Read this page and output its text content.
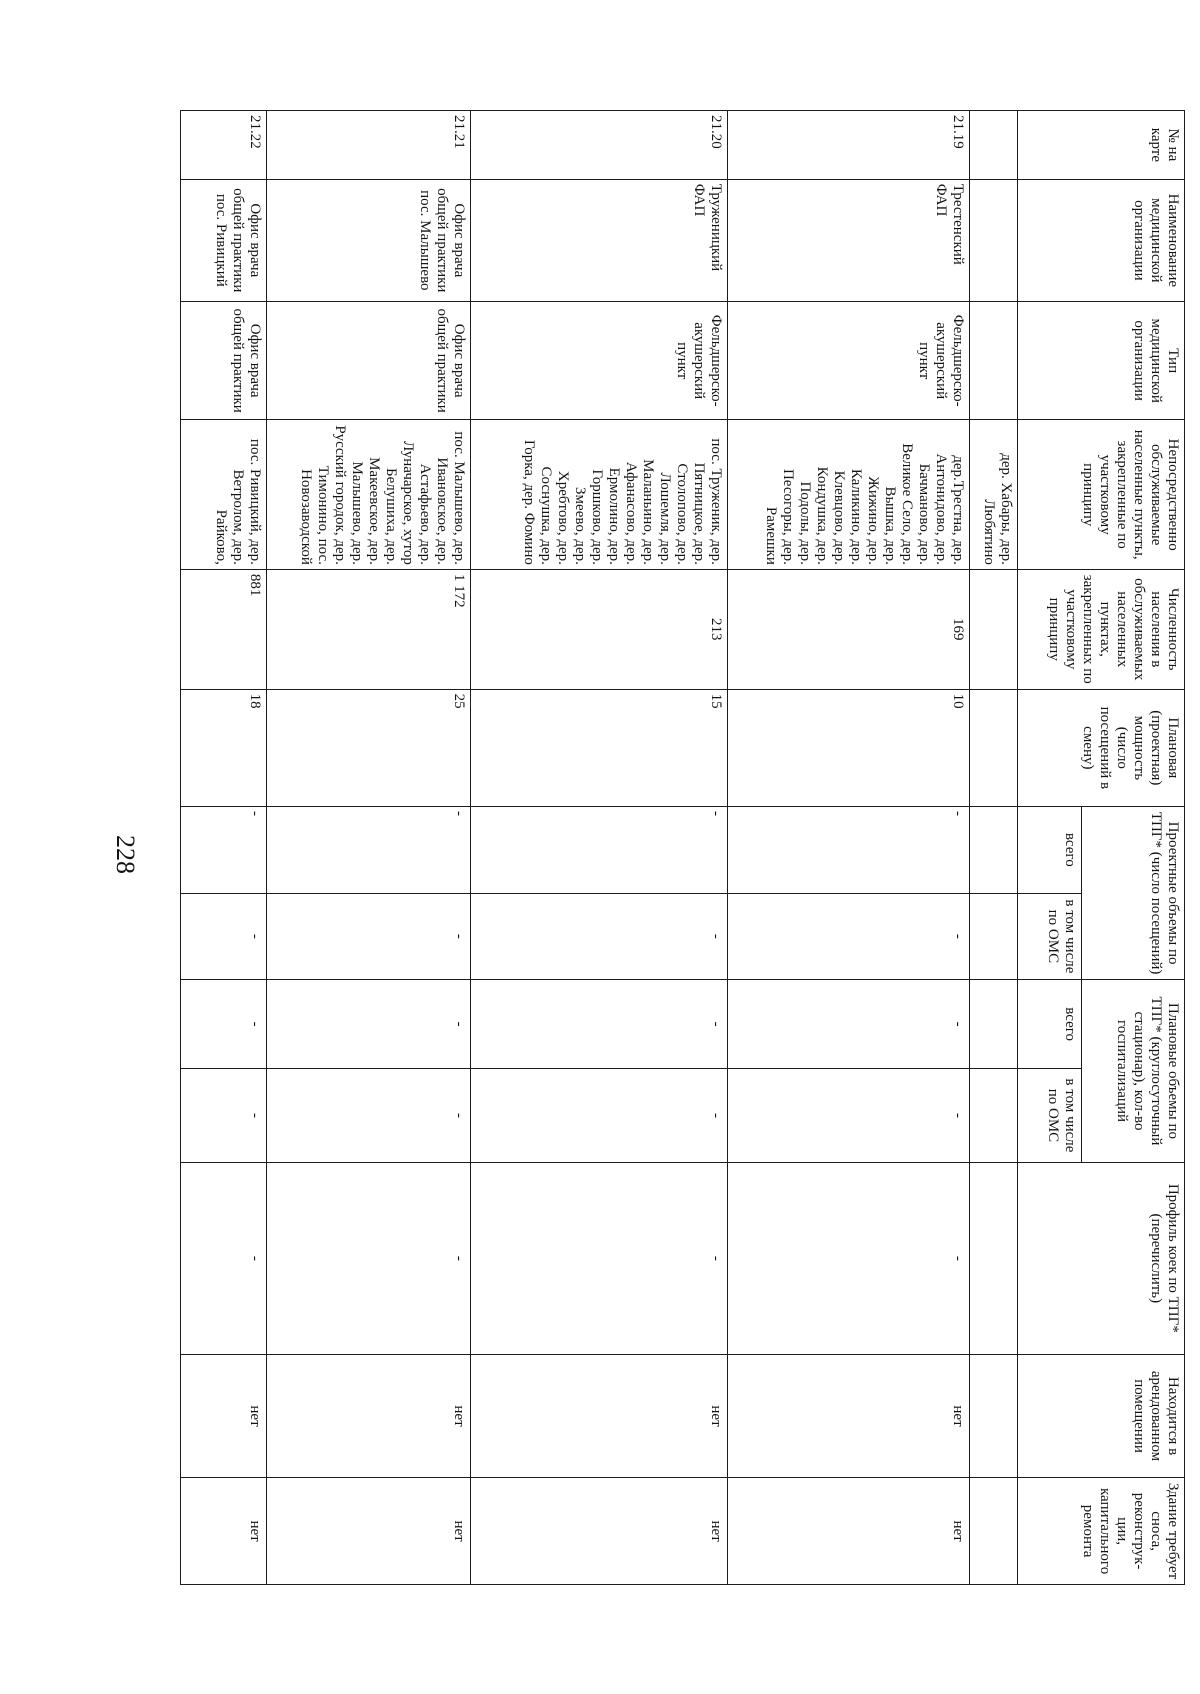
228
№ на карте	Наименование медицинской организации	Тип медицинской организации	Непосредственно обслуживаемые населенные пункты, закрепленные по участковому принципу	Численность населения в обслуживаемых населенных пунктах, закрепленных по участковому принципу	Плановая (проектная) мощность (число посещений в смену)	Проектные объемы по ТПГ* (число посещений)		Плановые объемы по ТПГ* (круглосуточный стационар), кол-во госпитализаций		Профиль коек по ТПГ* (перечислить)	Находится в арендованном помещении	Здание требует сноса, реконструк-ции, капитального ремонта
						всего	в том числе по ОМС	всего	в том числе по ОМС			
			дер. Хабары, дер. Любятино									
21.19	Трестенский ФАП	Фельдшерско-акушерский пункт	дер.Трестна, дер. Антонидово, дер. Бачманово, дер. Великое Село, дер. Вышка, дер. Жижино, дер. Каликино, дер. Клевцово, дер. Кондушка, дер. Подолы, дер. Песогоры, дер. Рамешки	169	10	-	-	-	-	-	нет	нет
21.20	Труженицкий ФАП	Фельдшерско-акушерский пункт	пос. Труженик, дер. Пятницкое, дер. Столопово, дер. Лошемля, дер. Маланьино, дер. Афанасово, дер. Ермолино, дер. Горшково, дер. Змеево, дер. Хребтово, дер. Соснушка, дер. Горка, дер. Фомино	213	15	-	-	-	-	-	нет	нет
21.21	Офис врача общей практики пос. Малышево	Офис врача общей практики	пос. Малышево, дер. Ивановское, дер. Астафьево, дер. Луначарское, хутор Белушиха, дер. Макеевское, дер. Малышево, дер. Русский городок, дер. Тимонино, пос. Новозаводской	1 172	25	-	-	-	-	-	нет	нет
21.22	Офис врача общей практики пос. Ривицкий	Офис врача общей практики	пос. Ривицкий, дер. Ветролом, дер. Райково,	881	18	-	-	-	-	-	нет	нет
